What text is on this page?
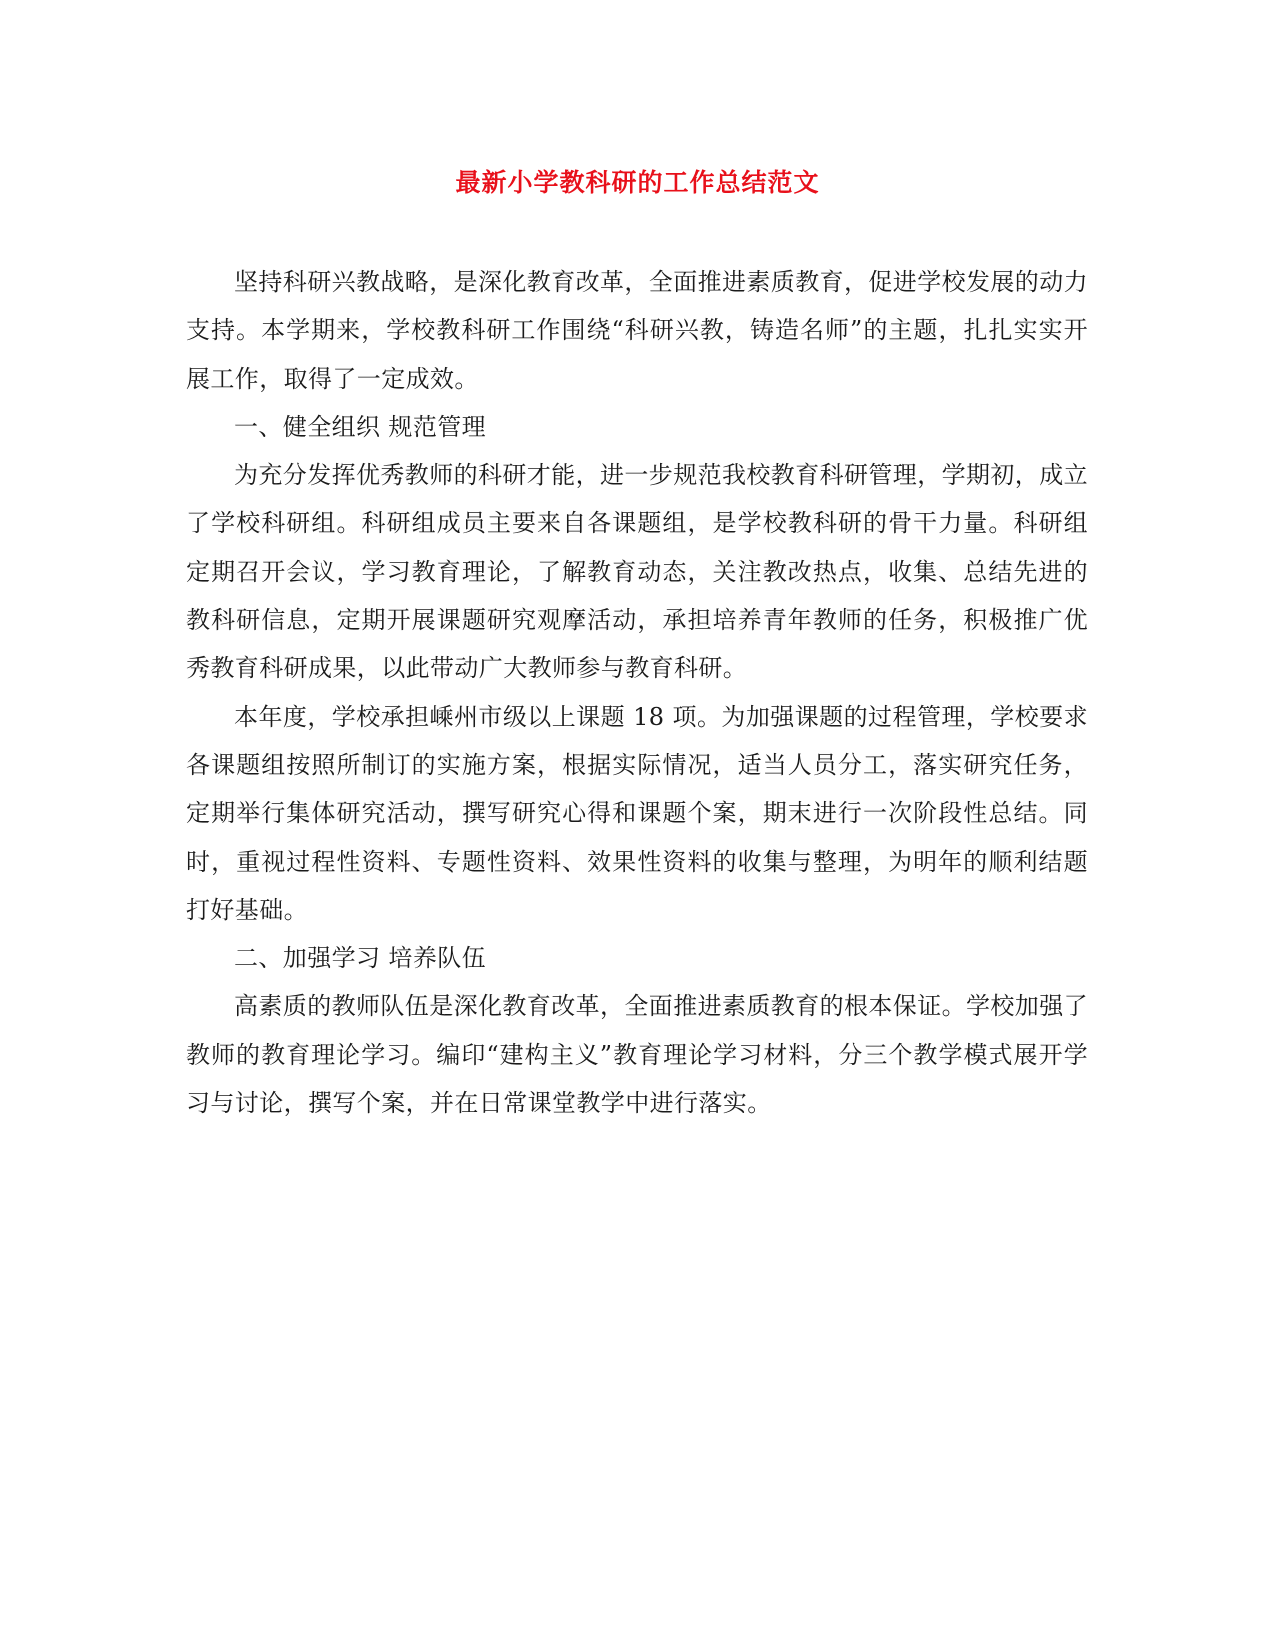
最新小学教科研的工作总结范文

坚持科研兴教战略，是深化教育改革，全面推进素质教育，促进学校发展的动力支持。本学期来，学校教科研工作围绕“科研兴教，铸造名师”的主题，扎扎实实开展工作，取得了一定成效。

一、健全组织 规范管理

为充分发挥优秀教师的科研才能，进一步规范我校教育科研管理，学期初，成立了学校科研组。科研组成员主要来自各课题组，是学校教科研的骨干力量。科研组定期召开会议，学习教育理论，了解教育动态，关注教改热点，收集、总结先进的教科研信息，定期开展课题研究观摩活动，承担培养青年教师的任务，积极推广优秀教育科研成果，以此带动广大教师参与教育科研。

本年度，学校承担嵊州市级以上课题 18 项。为加强课题的过程管理，学校要求各课题组按照所制订的实施方案，根据实际情况，适当人员分工，落实研究任务，定期举行集体研究活动，撰写研究心得和课题个案，期末进行一次阶段性总结。同时，重视过程性资料、专题性资料、效果性资料的收集与整理，为明年的顺利结题打好基础。

二、加强学习 培养队伍

高素质的教师队伍是深化教育改革，全面推进素质教育的根本保证。学校加强了教师的教育理论学习。编印“建构主义”教育理论学习材料，分三个教学模式展开学习与讨论，撰写个案，并在日常课堂教学中进行落实。
